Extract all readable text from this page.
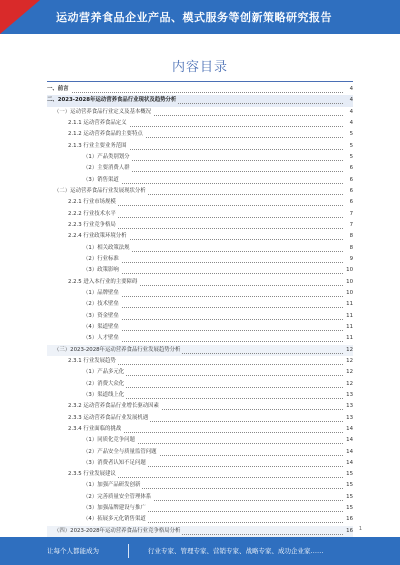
运动营养食品企业产品、模式服务等创新策略研究报告
内容目录
一、前言	4
二、2023-2028年运动营养食品行业现状及趋势分析	4
（一）运动营养食品行业定义及基本概况	4
2.1.1 运动营养食品定义	4
2.1.2 运动营养食品的主要特点	5
2.1.3 行业主要业务范围	5
（1）产品类别划分	5
（2）主要消费人群	6
（3）销售渠道	6
（二）运动营养食品行业发展现状分析	6
2.2.1 行业市场规模	6
2.2.2 行业技术水平	7
2.2.3 行业竞争格局	7
2.2.4 行业政策环境分析	8
（1）相关政策法规	8
（2）行业标准	9
（3）政策影响	10
2.2.5 进入本行业的主要障碍	10
（1）品牌壁垒	10
（2）技术壁垒	11
（3）资金壁垒	11
（4）渠道壁垒	11
（5）人才壁垒	11
（三）2023-2028年运动营养食品行业发展趋势分析	12
2.3.1 行业发展趋势	12
（1）产品多元化	12
（2）消费大众化	12
（3）渠道线上化	13
2.3.2 运动营养食品行业增长驱动因素	13
2.3.3 运动营养食品行业发展机遇	13
2.3.4 行业面临的挑战	14
（1）同质化竞争问题	14
（2）产品安全与质量监管问题	14
（3）消费者认知不足问题	14
2.3.5 行业发展建议	15
（1）加强产品研发创新	15
（2）完善质量安全管理体系	15
（3）加强品牌建设与推广	15
（4）拓展多元化销售渠道	16
（四）2023-2028年运动营养食品行业竞争格局分析	16 1
让每个人都能成为	行业专家、管理专家、营销专家、战略专家、成功企业家……
